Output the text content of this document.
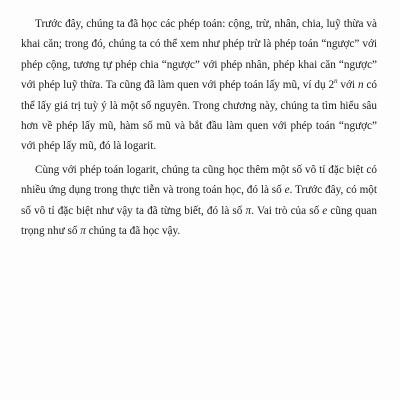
Trước đây, chúng ta đã học các phép toán: cộng, trừ, nhân, chia, luỹ thừa và khai căn; trong đó, chúng ta có thể xem như phép trừ là phép toán “ngược” với phép cộng, tương tự phép chia “ngược” với phép nhân, phép khai căn “ngược” với phép luỹ thừa. Ta cũng đã làm quen với phép toán lấy mũ, ví dụ 2$^n$ với n có thể lấy giá trị tuỳ ý là một số nguyên. Trong chương này, chúng ta tìm hiểu sâu hơn về phép lấy mũ, hàm số mũ và bắt đầu làm quen với phép toán “ngược” với phép lấy mũ, đó là logarit.

Cùng với phép toán logarit, chúng ta cũng học thêm một số vô tỉ đặc biệt có nhiều ứng dụng trong thực tiễn và trong toán học, đó là số e. Trước đây, có một số vô tỉ đặc biệt như vậy ta đã từng biết, đó là số π. Vai trò của số e cũng quan trọng như số π chúng ta đã học vậy.
